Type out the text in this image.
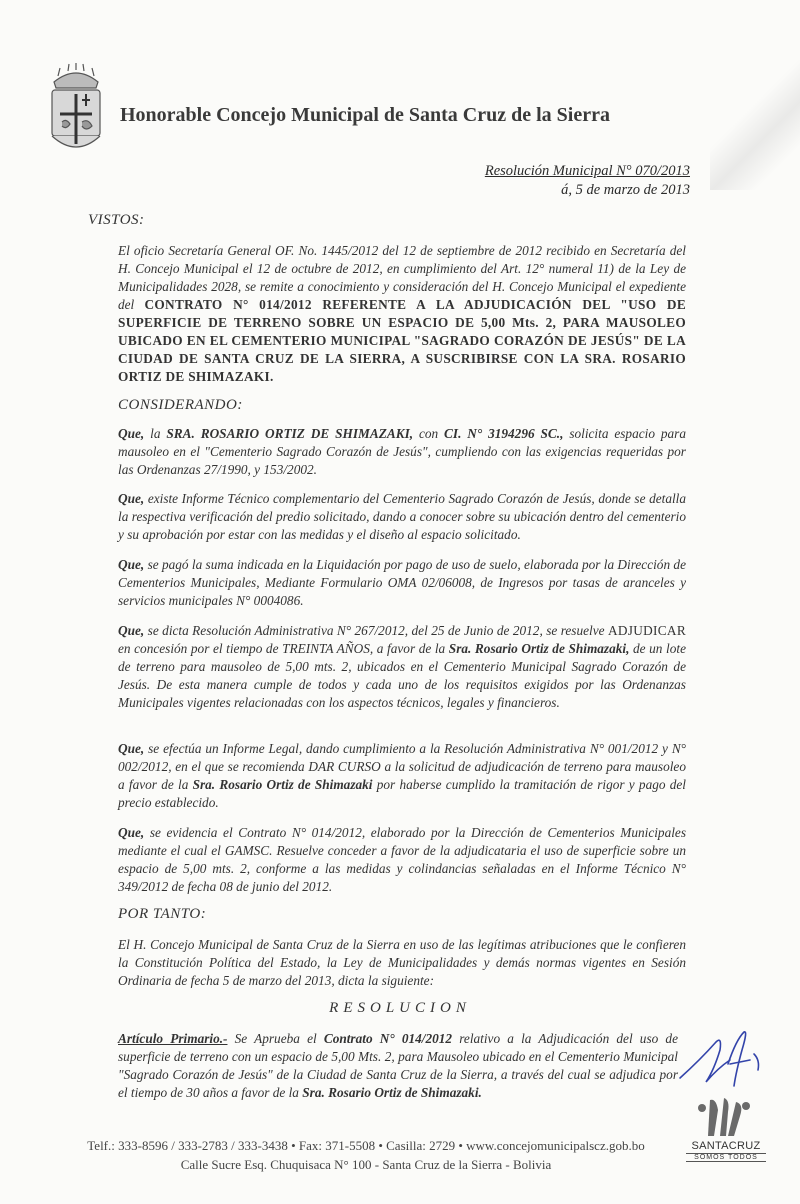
Honorable Concejo Municipal de Santa Cruz de la Sierra
Resolución Municipal N° 070/2013
á, 5 de marzo de 2013
VISTOS:
El oficio Secretaría General OF. No. 1445/2012 del 12 de septiembre de 2012 recibido en Secretaría del H. Concejo Municipal el 12 de octubre de 2012, en cumplimiento del Art. 12° numeral 11) de la Ley de Municipalidades 2028, se remite a conocimiento y consideración del H. Concejo Municipal el expediente del CONTRATO N° 014/2012 REFERENTE A LA ADJUDICACIÓN DEL "USO DE SUPERFICIE DE TERRENO SOBRE UN ESPACIO DE 5,00 Mts. 2, PARA MAUSOLEO UBICADO EN EL CEMENTERIO MUNICIPAL "SAGRADO CORAZÓN DE JESÚS" DE LA CIUDAD DE SANTA CRUZ DE LA SIERRA, A SUSCRIBIRSE CON LA SRA. ROSARIO ORTIZ DE SHIMAZAKI.
CONSIDERANDO:
Que, la SRA. ROSARIO ORTIZ DE SHIMAZAKI, con CI. N° 3194296 SC., solicita espacio para mausoleo en el "Cementerio Sagrado Corazón de Jesús", cumpliendo con las exigencias requeridas por las Ordenanzas 27/1990, y 153/2002.
Que, existe Informe Técnico complementario del Cementerio Sagrado Corazón de Jesús, donde se detalla la respectiva verificación del predio solicitado, dando a conocer sobre su ubicación dentro del cementerio y su aprobación por estar con las medidas y el diseño al espacio solicitado.
Que, se pagó la suma indicada en la Liquidación por pago de uso de suelo, elaborada por la Dirección de Cementerios Municipales, Mediante Formulario OMA 02/06008, de Ingresos por tasas de aranceles y servicios municipales N° 0004086.
Que, se dicta Resolución Administrativa N° 267/2012, del 25 de Junio de 2012, se resuelve ADJUDICAR en concesión por el tiempo de TREINTA AÑOS, a favor de la Sra. Rosario Ortiz de Shimazaki, de un lote de terreno para mausoleo de 5,00 mts. 2, ubicados en el Cementerio Municipal Sagrado Corazón de Jesús. De esta manera cumple de todos y cada uno de los requisitos exigidos por las Ordenanzas Municipales vigentes relacionadas con los aspectos técnicos, legales y financieros.
Que, se efectúa un Informe Legal, dando cumplimiento a la Resolución Administrativa N° 001/2012 y N° 002/2012, en el que se recomienda DAR CURSO a la solicitud de adjudicación de terreno para mausoleo a favor de la Sra. Rosario Ortiz de Shimazaki por haberse cumplido la tramitación de rigor y pago del precio establecido.
Que, se evidencia el Contrato N° 014/2012, elaborado por la Dirección de Cementerios Municipales mediante el cual el GAMSC. Resuelve conceder a favor de la adjudicataria el uso de superficie sobre un espacio de 5,00 mts. 2, conforme a las medidas y colindancias señaladas en el Informe Técnico N° 349/2012 de fecha 08 de junio del 2012.
POR TANTO:
El H. Concejo Municipal de Santa Cruz de la Sierra en uso de las legítimas atribuciones que le confieren la Constitución Política del Estado, la Ley de Municipalidades y demás normas vigentes en Sesión Ordinaria de fecha 5 de marzo del 2013, dicta la siguiente:
RESOLUCION
Artículo Primario.- Se Aprueba el Contrato N° 014/2012 relativo a la Adjudicación del uso de superficie de terreno con un espacio de 5,00 Mts. 2, para Mausoleo ubicado en el Cementerio Municipal "Sagrado Corazón de Jesús" de la Ciudad de Santa Cruz de la Sierra, a través del cual se adjudica por el tiempo de 30 años a favor de la Sra. Rosario Ortiz de Shimazaki.
SANTACRUZ
SOMOS TODOS
Telf.: 333-8596 / 333-2783 / 333-3438 • Fax: 371-5508 • Casilla: 2729 • www.concejomunicipalscz.gob.bo
Calle Sucre Esq. Chuquisaca N° 100 - Santa Cruz de la Sierra - Bolivia
